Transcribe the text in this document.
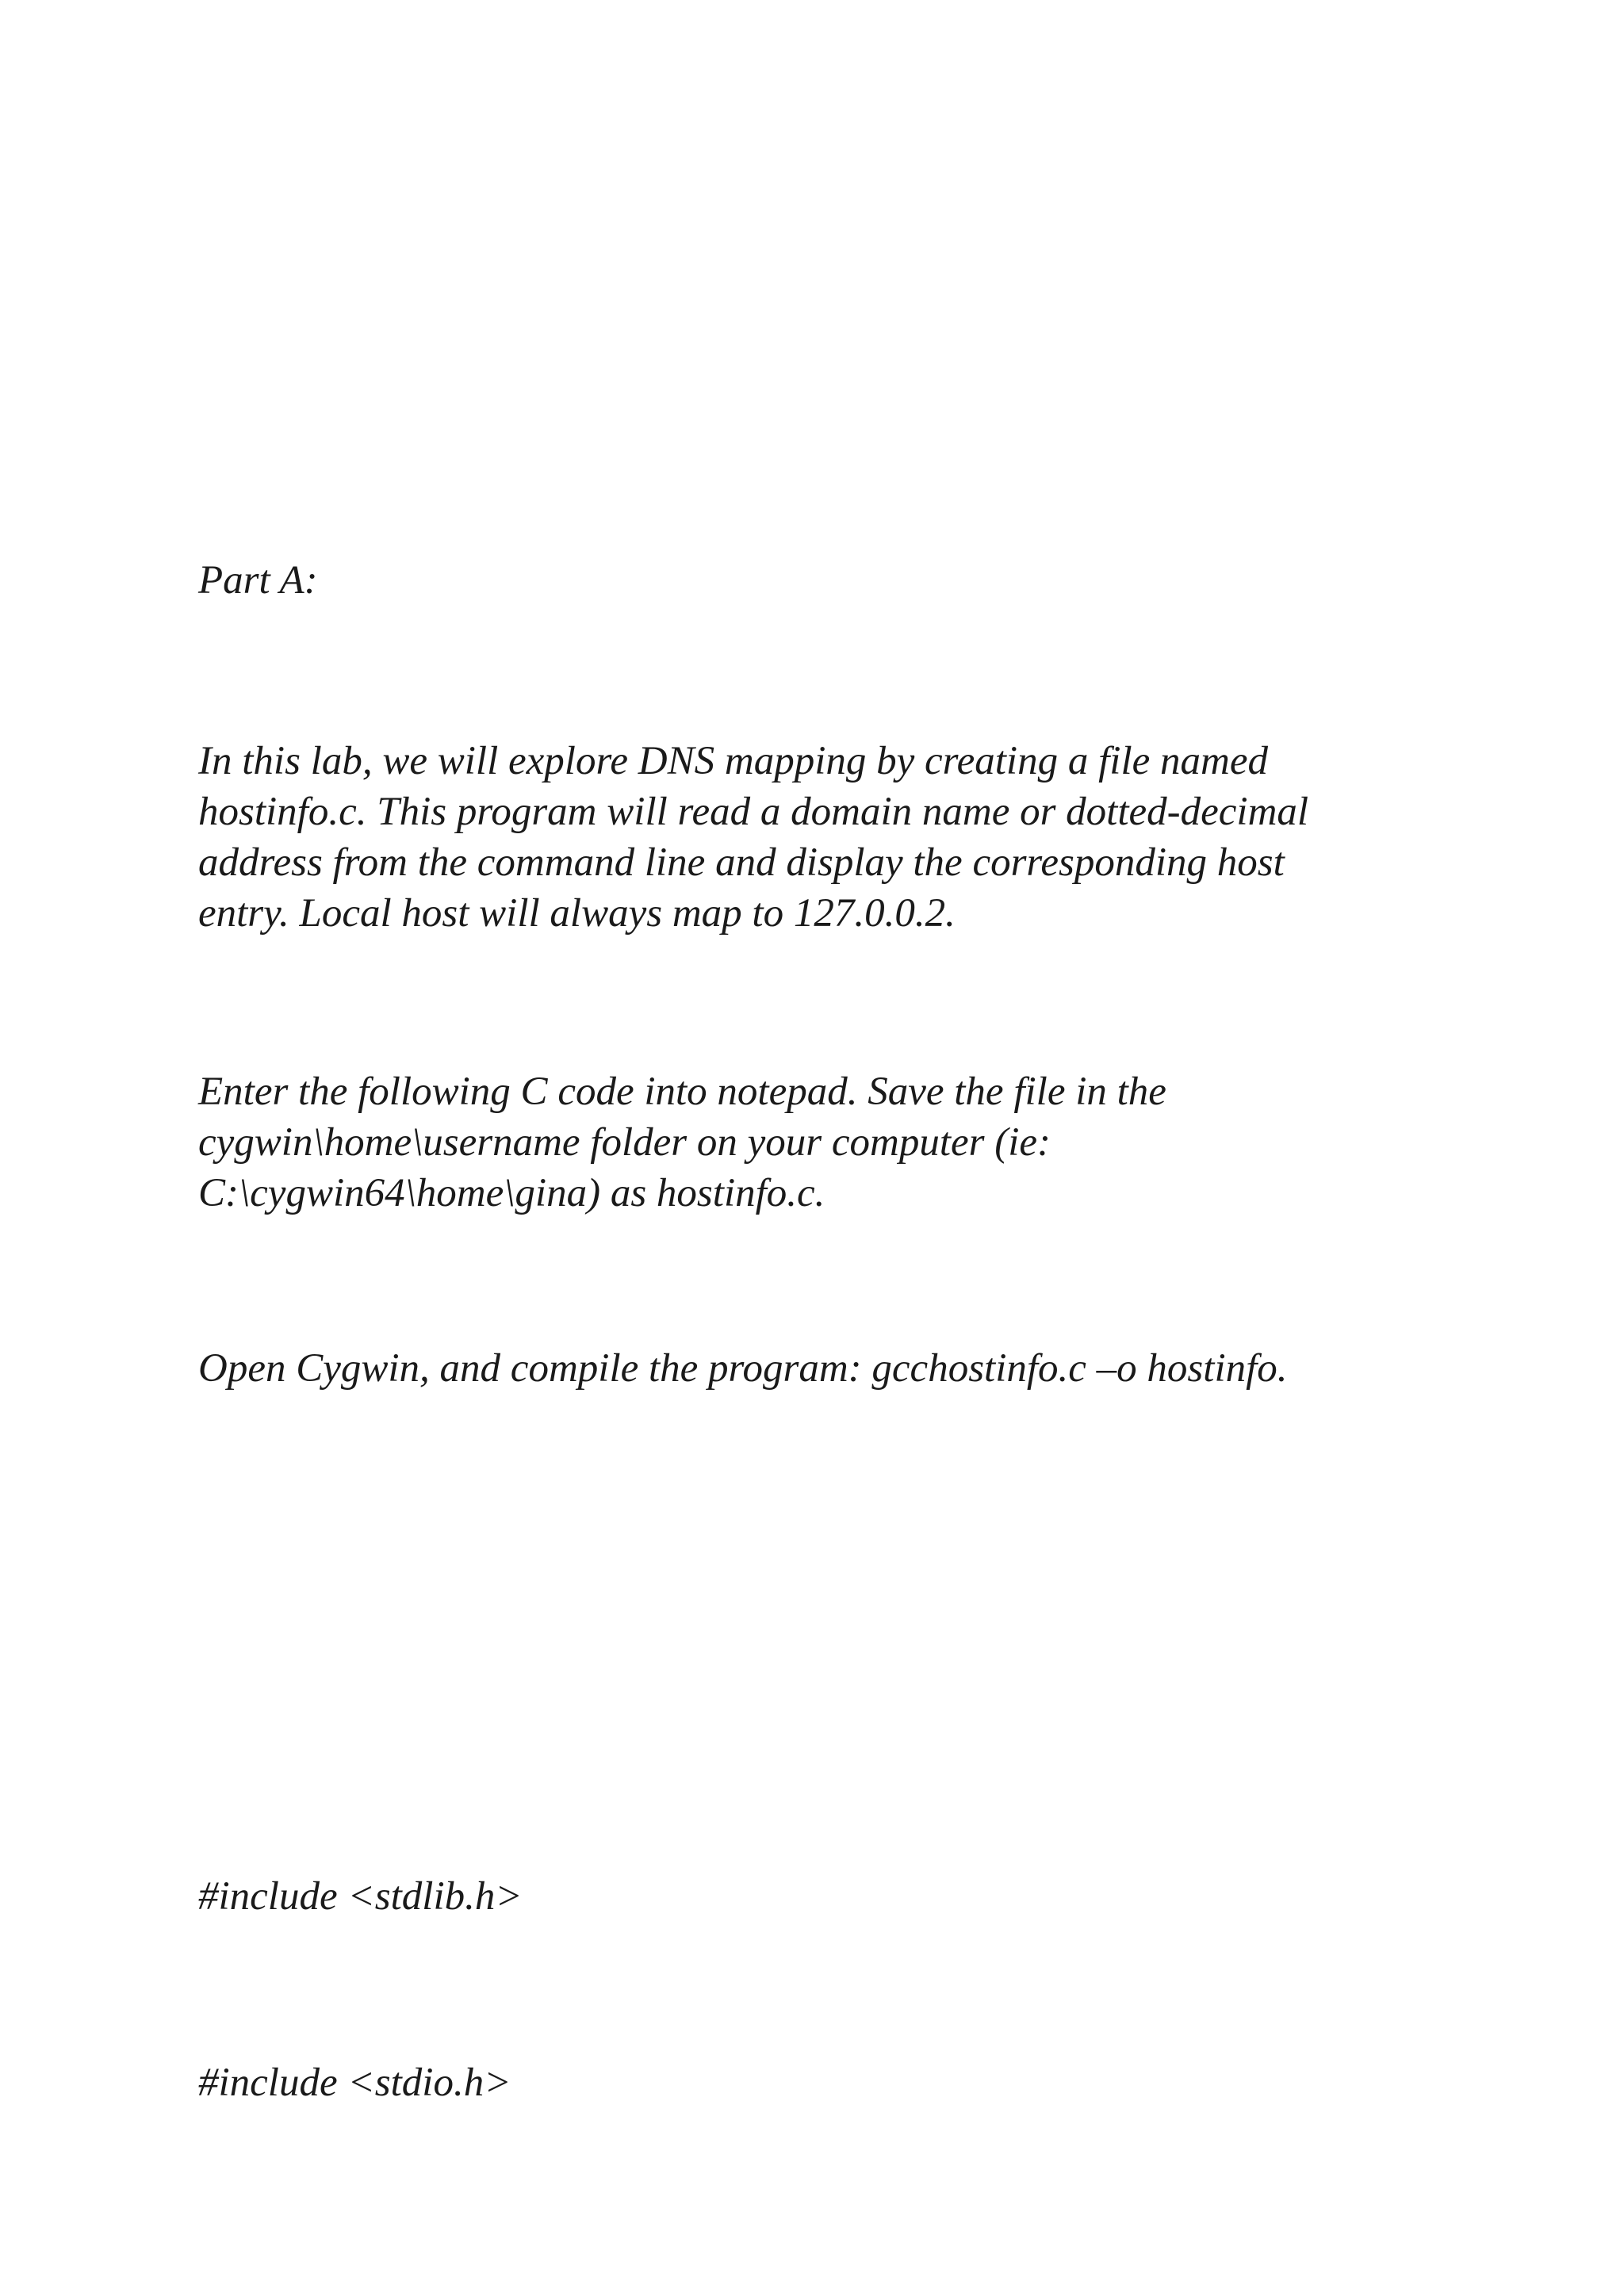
Part A:

In this lab, we will explore DNS mapping by creating a file named
hostinfo.c. This program will read a domain name or dotted-decimal
address from the command line and display the corresponding host
entry. Local host will always map to 127.0.0.2.

Enter the following C code into notepad. Save the file in the
cygwin\home\username folder on your computer (ie:
C:\cygwin64\home\gina) as hostinfo.c.

Open Cygwin, and compile the program: gcchostinfo.c –o hostinfo.

#include <stdlib.h>

#include <stdio.h>
